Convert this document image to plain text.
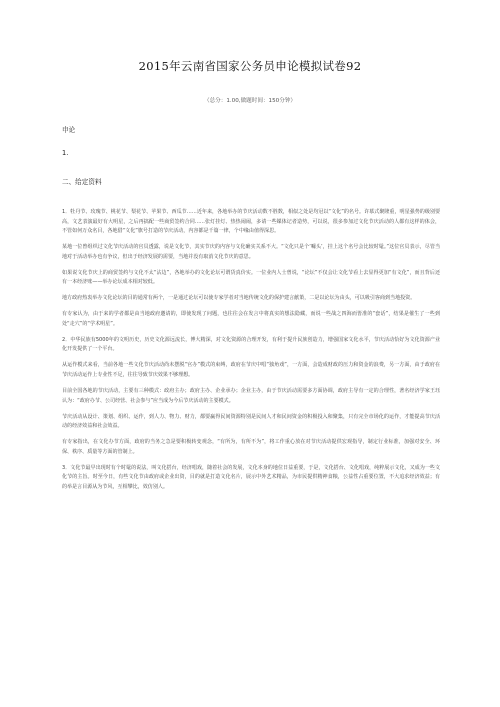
2015年云南省国家公务员申论模拟试卷92
（总分：1.00,做题时间：150分钟）
申论
1.
二、给定资料

1．牡丹节、玫瑰节、桃花节、梨花节、苹果节、西瓜节……近年来，各地举办的节庆活动数不胜数，相似之处是均冠以“文化”的名号。许慕式聚隆重，明星强势的级别要高，文艺表演最好有大明星，之后再搞配一些商贸签约合同……张灯挂灯、热热闹闹，多请一些媒体记者造势，可以说，很多参加过文化节庆活动的人都有这样的体会，不管如何万众名目，各地借“文化”旗号打造的节庆活动，内容都是千篇一律，个中缘由值得深思。

某地一位曾组织过文化节庆活动的官员透露，说是文化节，其实节庆的内容与文化确实关系不大。“文化只是个‘噱头’，挂上这个名号会比较时髦。”这位官员表示，尽管当地对于活动举办也有争议，但出于经济发展的需要，当地并没有取消文化节庆的意思。

如果说文化节庆上的商贸签约与文化不太“沾边”，各地举办的文化论坛可谓货真价实。一位业内人士曾说，“论坛”不仅会让文化节看上去显得更加“有文化”，而且背后还有一本经济账——举办论坛成本相对较低。

地方政府热衷举办文化论坛的目的通常有两个，一是通过论坛可以使专家学者对当地传统文化的保护建言献策，二是以论坛为由头，可以吸引客商到当地投资。

有专家认为，由于来的学者都是由当地政府邀请的，即使发现了问题，也往往会在发言中将真实的想法隐藏，而说一些战之四海而皆准的“套话”，结果是催生了一些到处“走穴”的“学术明星”。

2．中华民族有5000年的文明历史，历史文化源远流长，博大精深，对文化资源的合理开发，有利于提升民族创造力，增强国家文化水平，节庆活动恰好为文化资源产业化开发提供了一个平台。

从运作模式来看，当前各地一些文化节庆活动尚未摆脱“官办”模式的束缚，政府在节庆中唱“独角戏”，一方面，会造成财政的压力和资金的浪费，另一方面，由于政府在节庆活动运作上专业性不足，往往导致节庆效果不够理想。

目前全国各地的节庆活动，主要有三种模式：政府主办；政府主办、企业承办；企业主办，由于节庆活动需要多方面协调，政府主导有一定的合理性，著名经济学家王珏认为：“政府办节、公司经营、社会参与”应当成为今后节庆活动的主要模式。

节庆活动从设计、策划、组织、运作，到人力、物力、财力，都要赢得民间资源特别是民间人才和民间资金的积极投入和聚集，只有完全市场化的运作，才能提高节庆活动的经济效益和社会效益。

有专家指出，在文化办节方面，政府的当务之急是要积极转变观念，“有所为，有所不为”，将工作重心放在对节庆活动提供宏观指导，制定行业标准，加强对安全、环保、秩序、质量等方面的管制上。

3．文化节最早出现时有个时髦的说法，叫文化搭台，经济唱戏，随着社会的发展，文化本身的地位日益重要，于是，文化搭台、文化唱戏，纯粹展示文化，又成为一些文化节的主旨。时至今日，有些文化节由政府或企业出资，目的就是打造文化名片，展示中外艺术精品，为市民提供精神食粮，公益性占重要位置，不大追求经济效益；有的举是言目源从为节风，互相攀比，效仿别人。
